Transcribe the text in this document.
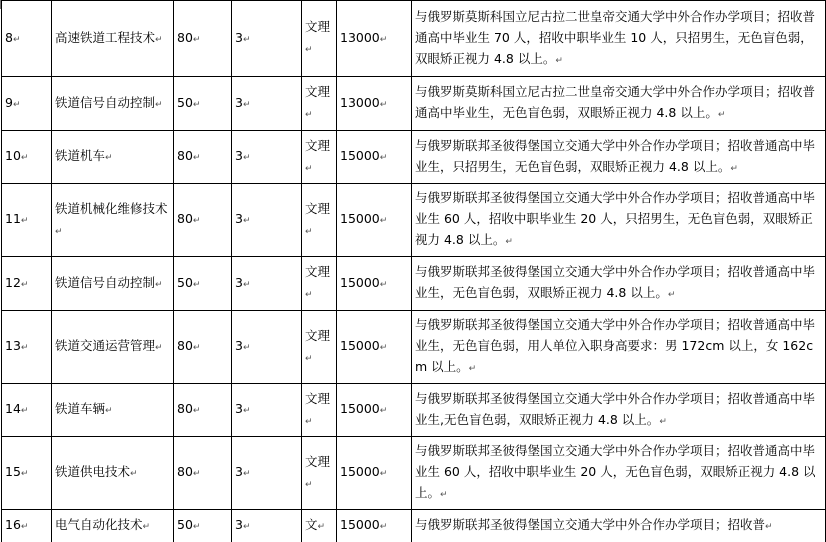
8↵	高速铁道工程技术↵	80↵	3↵	文理↵	13000↵	与俄罗斯莫斯科国立尼古拉二世皇帝交通大学中外合作办学项目；招收普通高中毕业生 70 人，招收中职毕业生 10 人，只招男生，无色盲色弱，双眼矫正视力 4.8 以上。↵
9↵	铁道信号自动控制↵	50↵	3↵	文理↵	13000↵	与俄罗斯莫斯科国立尼古拉二世皇帝交通大学中外合作办学项目；招收普通高中毕业生，无色盲色弱，双眼矫正视力 4.8 以上。↵
10↵	铁道机车↵	80↵	3↵	文理↵	15000↵	与俄罗斯联邦圣彼得堡国立交通大学中外合作办学项目；招收普通高中毕业生，只招男生，无色盲色弱，双眼矫正视力 4.8 以上。↵
11↵	铁道机械化维修技术↵	80↵	3↵	文理↵	15000↵	与俄罗斯联邦圣彼得堡国立交通大学中外合作办学项目；招收普通高中毕业生 60 人，招收中职毕业生 20 人，只招男生，无色盲色弱，双眼矫正视力 4.8 以上。↵
12↵	铁道信号自动控制↵	50↵	3↵	文理↵	15000↵	与俄罗斯联邦圣彼得堡国立交通大学中外合作办学项目；招收普通高中毕业生，无色盲色弱，双眼矫正视力 4.8 以上。↵
13↵	铁道交通运营管理↵	80↵	3↵	文理↵	15000↵	与俄罗斯联邦圣彼得堡国立交通大学中外合作办学项目；招收普通高中毕业生，无色盲色弱，用人单位入职身高要求：男 172cm 以上，女 162cm 以上。↵
14↵	铁道车辆↵	80↵	3↵	文理↵	15000↵	与俄罗斯联邦圣彼得堡国立交通大学中外合作办学项目；招收普通高中毕业生,无色盲色弱，双眼矫正视力 4.8 以上。↵
15↵	铁道供电技术↵	80↵	3↵	文理↵	15000↵	与俄罗斯联邦圣彼得堡国立交通大学中外合作办学项目；招收普通高中毕业生 60 人，招收中职毕业生 20 人，无色盲色弱，双眼矫正视力 4.8 以上。↵
16↵	电气自动化技术↵	50↵	3↵	文↵	15000↵	与俄罗斯联邦圣彼得堡国立交通大学中外合作办学项目；招收普↵
